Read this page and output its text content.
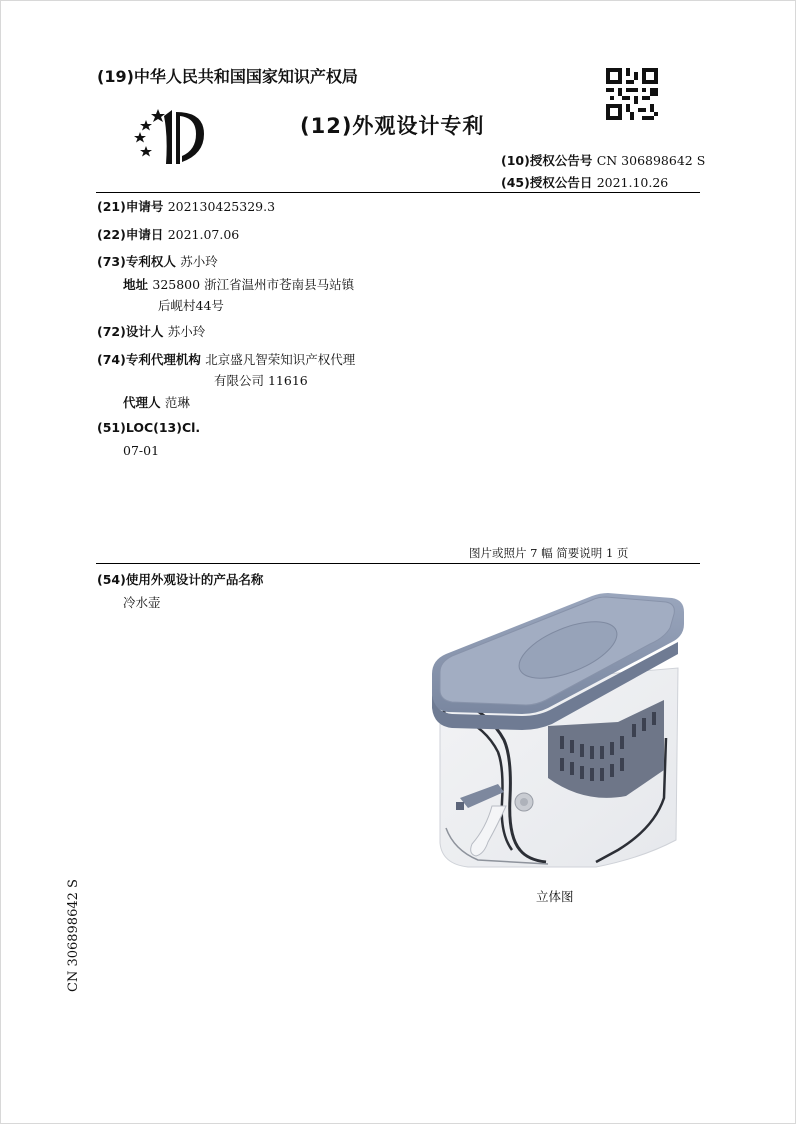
(19)中华人民共和国国家知识产权局
(12)外观设计专利
(10)授权公告号 CN 306898642 S
(45)授权公告日 2021.10.26
(21)申请号 202130425329.3
(22)申请日 2021.07.06
(73)专利权人 苏小玲
地址 325800 浙江省温州市苍南县马站镇
后岘村44号
(72)设计人 苏小玲
(74)专利代理机构 北京盛凡智荣知识产权代理
有限公司 11616
代理人 范琳
(51)LOC(13)Cl.
07-01
图片或照片 7 幅 简要说明 1 页
(54)使用外观设计的产品名称
冷水壶
立体图
CN 306898642 S
